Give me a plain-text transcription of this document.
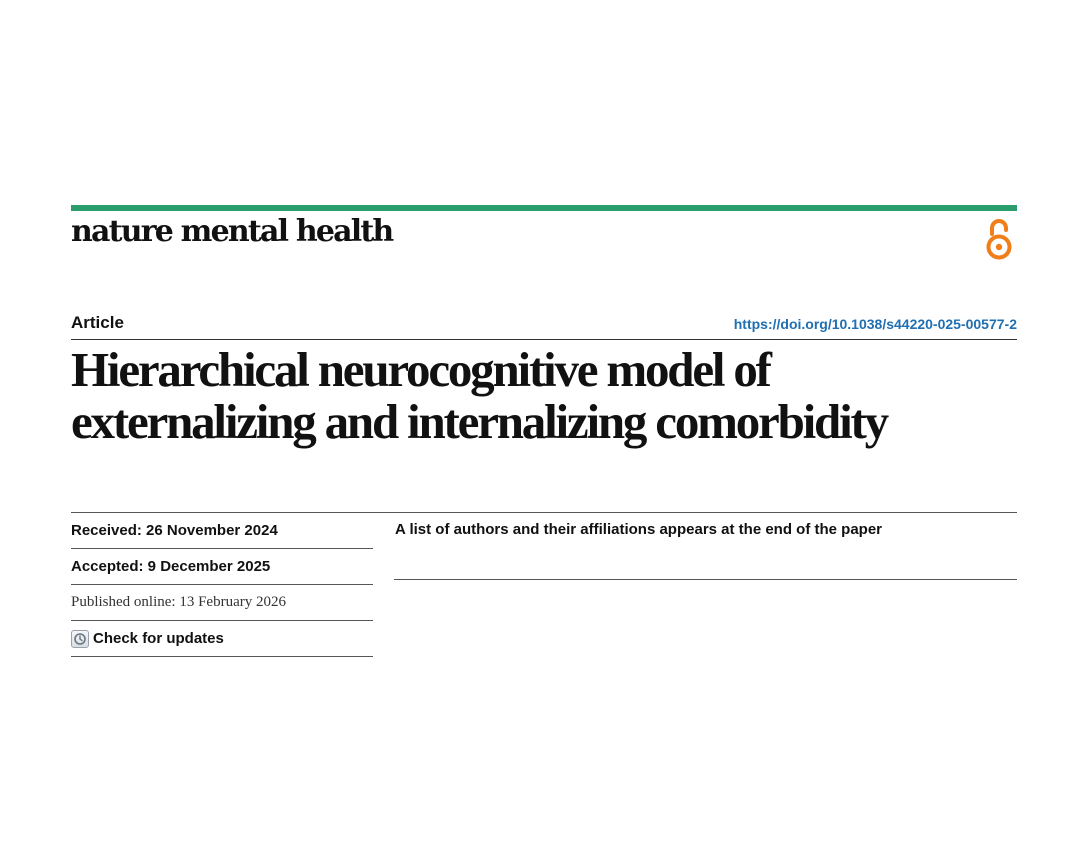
nature mental health
Article	https://doi.org/10.1038/s44220-025-00577-2
Hierarchical neurocognitive model of
externalizing and internalizing comorbidity
Received: 26 November 2024
Accepted: 9 December 2025
Published online: 13 February 2026
Check for updates
A list of authors and their affiliations appears at the end of the paper
